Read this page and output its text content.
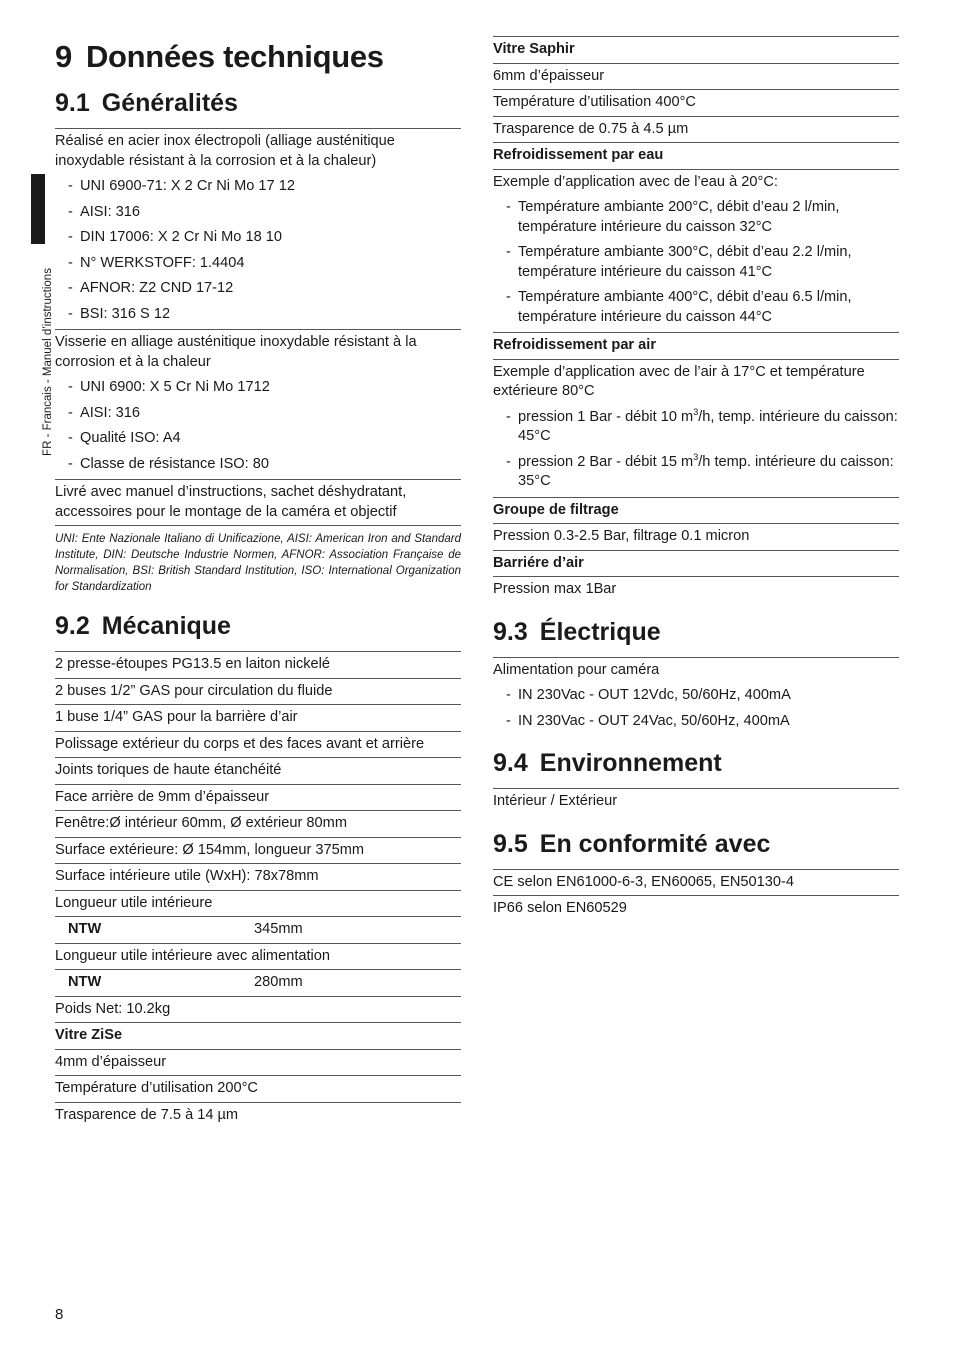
FR - Francais - Manuel d’instructions
9 Données techniques
9.1 Généralités
Réalisé en acier inox électropoli (alliage austénitique inoxydable résistant à la corrosion et à la chaleur)
- UNI 6900-71: X 2 Cr Ni Mo 17 12
- AISI: 316
- DIN 17006: X 2 Cr Ni Mo 18 10
- N° WERKSTOFF: 1.4404
- AFNOR: Z2 CND 17-12
- BSI: 316 S 12
Visserie en alliage austénitique inoxydable résistant à la corrosion et à la chaleur
- UNI 6900: X 5 Cr Ni Mo 1712
- AISI: 316
- Qualité ISO: A4
- Classe de résistance ISO: 80
Livré avec manuel d’instructions, sachet déshydratant, accessoires pour le montage de la caméra et objectif
UNI: Ente Nazionale Italiano di Unificazione, AISI: American Iron and Standard Institute, DIN: Deutsche Industrie Normen, AFNOR: Association Française de Normalisation, BSI: British Standard Institution, ISO: International Organization for Standardization
9.2 Mécanique
2 presse-étoupes PG13.5 en laiton nickelé
2 buses 1/2” GAS pour circulation du fluide
1 buse 1/4” GAS pour la barrière d’air
Polissage extérieur du corps et des faces avant et arrière
Joints toriques de haute étanchéité
Face arrière de 9mm d’épaisseur
Fenêtre:Ø intérieur 60mm, Ø extérieur 80mm
Surface extérieure: Ø 154mm, longueur 375mm
Surface intérieure utile (WxH): 78x78mm
Longueur utile intérieure
NTW	345mm
Longueur utile intérieure avec alimentation
NTW	280mm
Poids Net: 10.2kg
Vitre ZiSe
4mm d’épaisseur
Température d’utilisation 200°C
Trasparence de 7.5 à 14 µm
Vitre Saphir
6mm d’épaisseur
Température d’utilisation 400°C
Trasparence de 0.75 à 4.5 µm
Refroidissement par eau
Exemple d’application avec de l’eau à 20°C:
- Température ambiante 200°C, débit d’eau 2 l/min, température intérieure du caisson 32°C
- Température ambiante 300°C, débit d’eau 2.2 l/min, température intérieure du caisson 41°C
- Température ambiante 400°C, débit d’eau 6.5 l/min, température intérieure du caisson 44°C
Refroidissement par air
Exemple d’application avec de l’air à 17°C et température extérieure 80°C
- pression 1 Bar - débit 10 $m^3/h$, temp. intérieure du caisson: 45°C
- pression 2 Bar - débit 15 $m^3/h$ temp. intérieure du caisson: 35°C
Groupe de filtrage
Pression 0.3-2.5 Bar, filtrage 0.1 micron
Barriére d’air
Pression max 1Bar
9.3 Électrique
Alimentation pour caméra
- IN 230Vac - OUT 12Vdc, 50/60Hz, 400mA
- IN 230Vac - OUT 24Vac, 50/60Hz, 400mA
9.4 Environnement
Intérieur / Extérieur
9.5 En conformité avec
CE selon EN61000-6-3, EN60065, EN50130-4
IP66 selon EN60529
8
